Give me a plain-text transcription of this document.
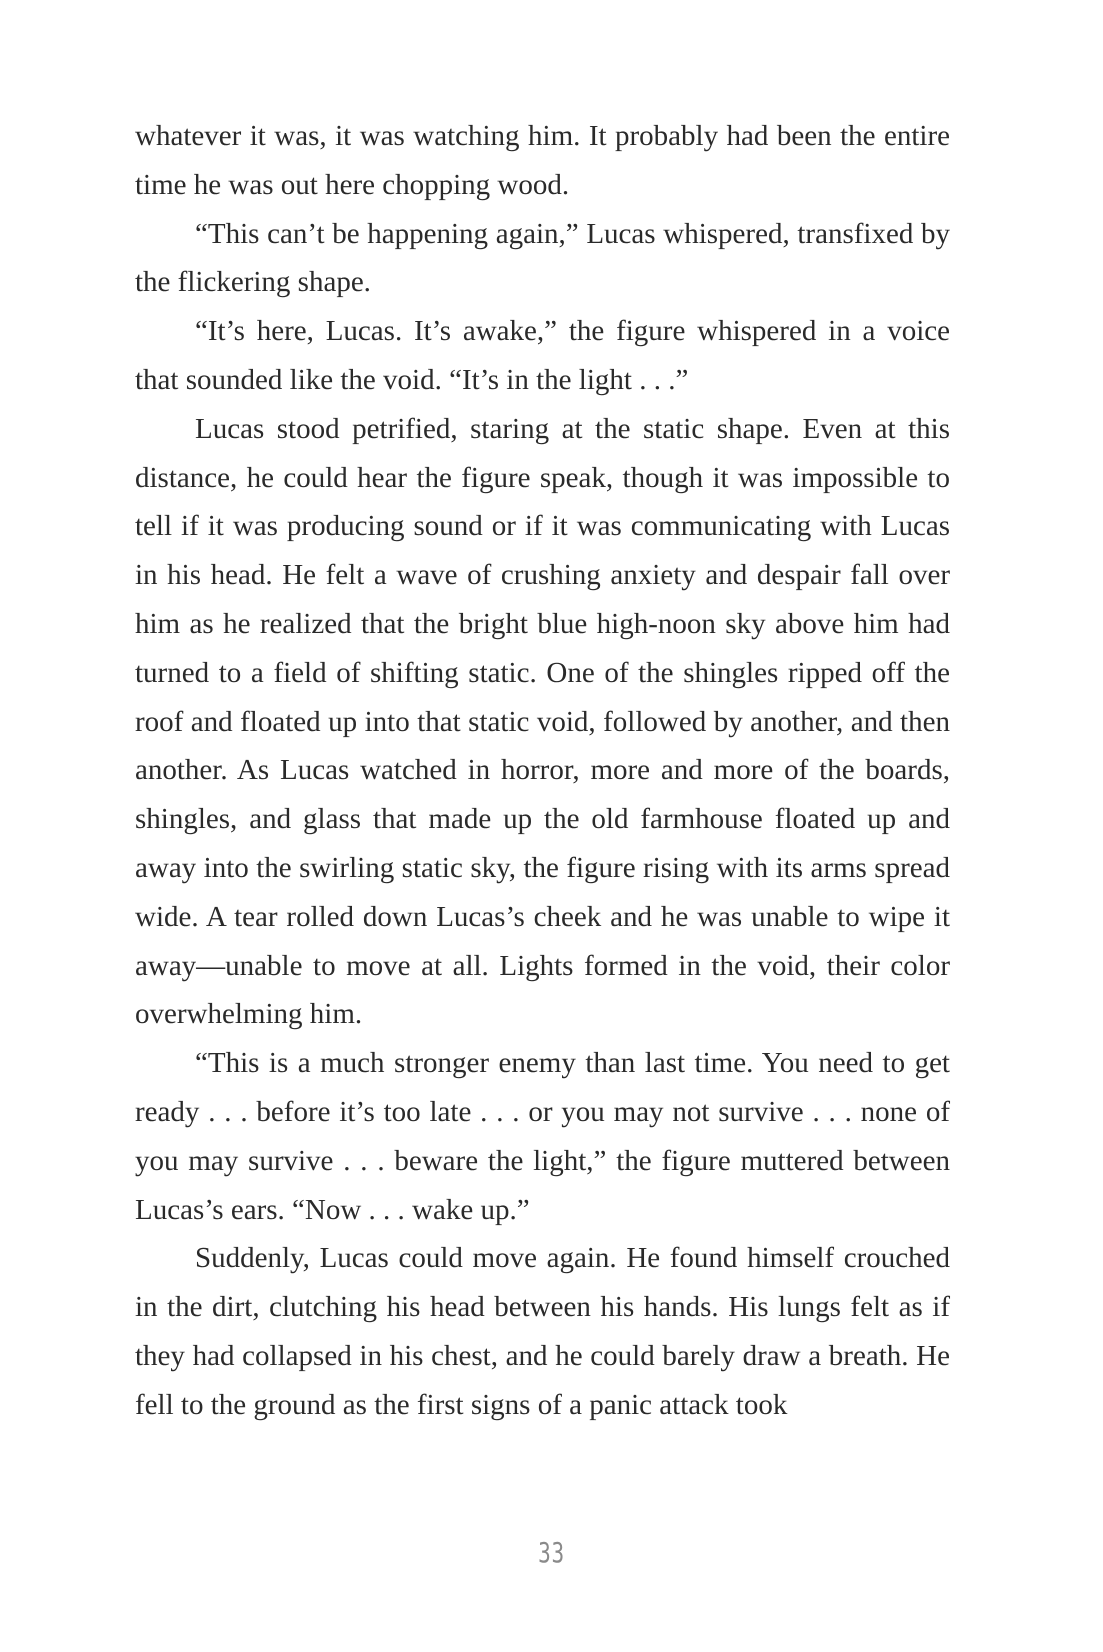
whatever it was, it was watching him. It probably had been the entire time he was out here chopping wood.

“This can’t be happening again,” Lucas whispered, transfixed by the flickering shape.

“It’s here, Lucas. It’s awake,” the figure whispered in a voice that sounded like the void. “It’s in the light . . .”

Lucas stood petrified, staring at the static shape. Even at this distance, he could hear the figure speak, though it was impossible to tell if it was producing sound or if it was communicating with Lucas in his head. He felt a wave of crushing anxiety and despair fall over him as he realized that the bright blue high-noon sky above him had turned to a field of shifting static. One of the shingles ripped off the roof and floated up into that static void, followed by another, and then another. As Lucas watched in horror, more and more of the boards, shingles, and glass that made up the old farmhouse floated up and away into the swirling static sky, the figure rising with its arms spread wide. A tear rolled down Lucas’s cheek and he was unable to wipe it away—unable to move at all. Lights formed in the void, their color overwhelming him.

“This is a much stronger enemy than last time. You need to get ready . . . before it’s too late . . . or you may not survive . . . none of you may survive . . . beware the light,” the figure muttered between Lucas’s ears. “Now . . . wake up.”

Suddenly, Lucas could move again. He found himself crouched in the dirt, clutching his head between his hands. His lungs felt as if they had collapsed in his chest, and he could barely draw a breath. He fell to the ground as the first signs of a panic attack took

33
